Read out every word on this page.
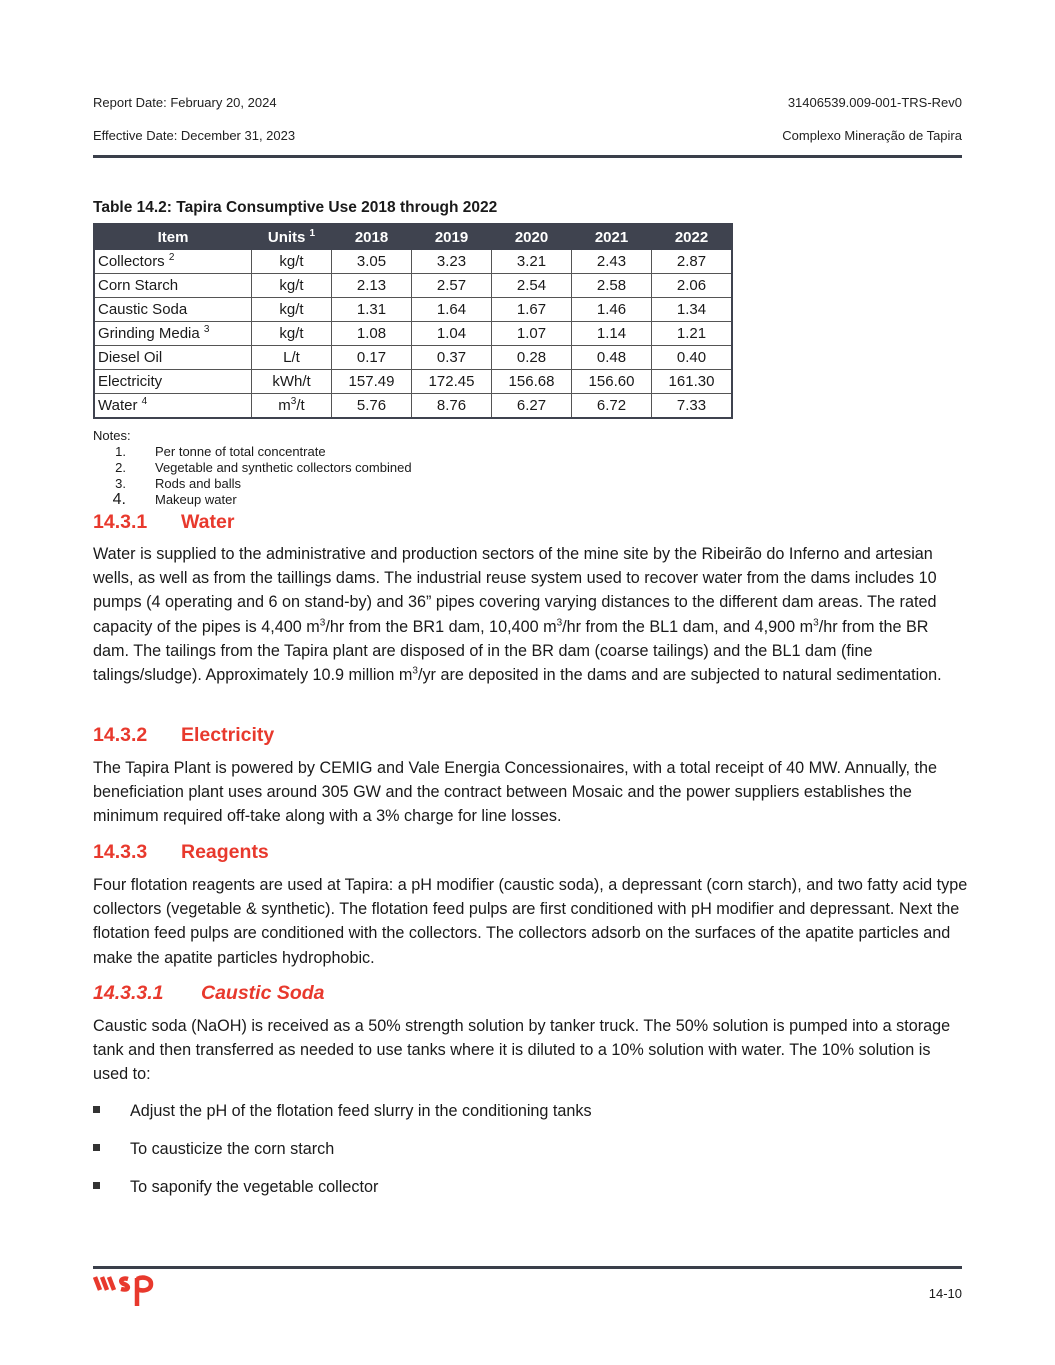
Report Date: February 20, 2024
Effective Date: December 31, 2023
31406539.009-001-TRS-Rev0
Complexo Mineração de Tapira
Table 14.2: Tapira Consumptive Use 2018 through 2022
Item	Units $^1$	2018	2019	2020	2021	2022
Collectors $^2$	kg/t	3.05	3.23	3.21	2.43	2.87
Corn Starch	kg/t	2.13	2.57	2.54	2.58	2.06
Caustic Soda	kg/t	1.31	1.64	1.67	1.46	1.34
Grinding Media $^3$	kg/t	1.08	1.04	1.07	1.14	1.21
Diesel Oil	L/t	0.17	0.37	0.28	0.48	0.40
Electricity	kWh/t	157.49	172.45	156.68	156.60	161.30
Water $^4$	$m^3/t$	5.76	8.76	6.27	6.72	7.33
Notes:
1.	Per tonne of total concentrate
2.	Vegetable and synthetic collectors combined
3.	Rods and balls
4.	Makeup water
14.3.1 Water
Water is supplied to the administrative and production sectors of the mine site by the Ribeirão do Inferno and artesian wells, as well as from the taillings dams. The industrial reuse system used to recover water from the dams includes 10 pumps (4 operating and 6 on stand-by) and 36” pipes covering varying distances to the different dam areas. The rated capacity of the pipes is 4,400 $m^3/hr$ from the BR1 dam, 10,400 $m^3/hr$ from the BL1 dam, and 4,900 $m^3/hr$ from the BR dam. The tailings from the Tapira plant are disposed of in the BR dam (coarse tailings) and the BL1 dam (fine talings/sludge). Approximately 10.9 million $m^3/yr$ are deposited in the dams and are subjected to natural sedimentation.
14.3.2 Electricity
The Tapira Plant is powered by CEMIG and Vale Energia Concessionaires, with a total receipt of 40 MW. Annually, the beneficiation plant uses around 305 GW and the contract between Mosaic and the power suppliers establishes the minimum required off-take along with a 3% charge for line losses.
14.3.3 Reagents
Four flotation reagents are used at Tapira: a pH modifier (caustic soda), a depressant (corn starch), and two fatty acid type collectors (vegetable & synthetic). The flotation feed pulps are first conditioned with pH modifier and depressant. Next the flotation feed pulps are conditioned with the collectors. The collectors adsorb on the surfaces of the apatite particles and make the apatite particles hydrophobic.
14.3.3.1 Caustic Soda
Caustic soda (NaOH) is received as a 50% strength solution by tanker truck. The 50% solution is pumped into a storage tank and then transferred as needed to use tanks where it is diluted to a 10% solution with water. The 10% solution is used to:
Adjust the pH of the flotation feed slurry in the conditioning tanks
To causticize the corn starch
To saponify the vegetable collector
14-10
